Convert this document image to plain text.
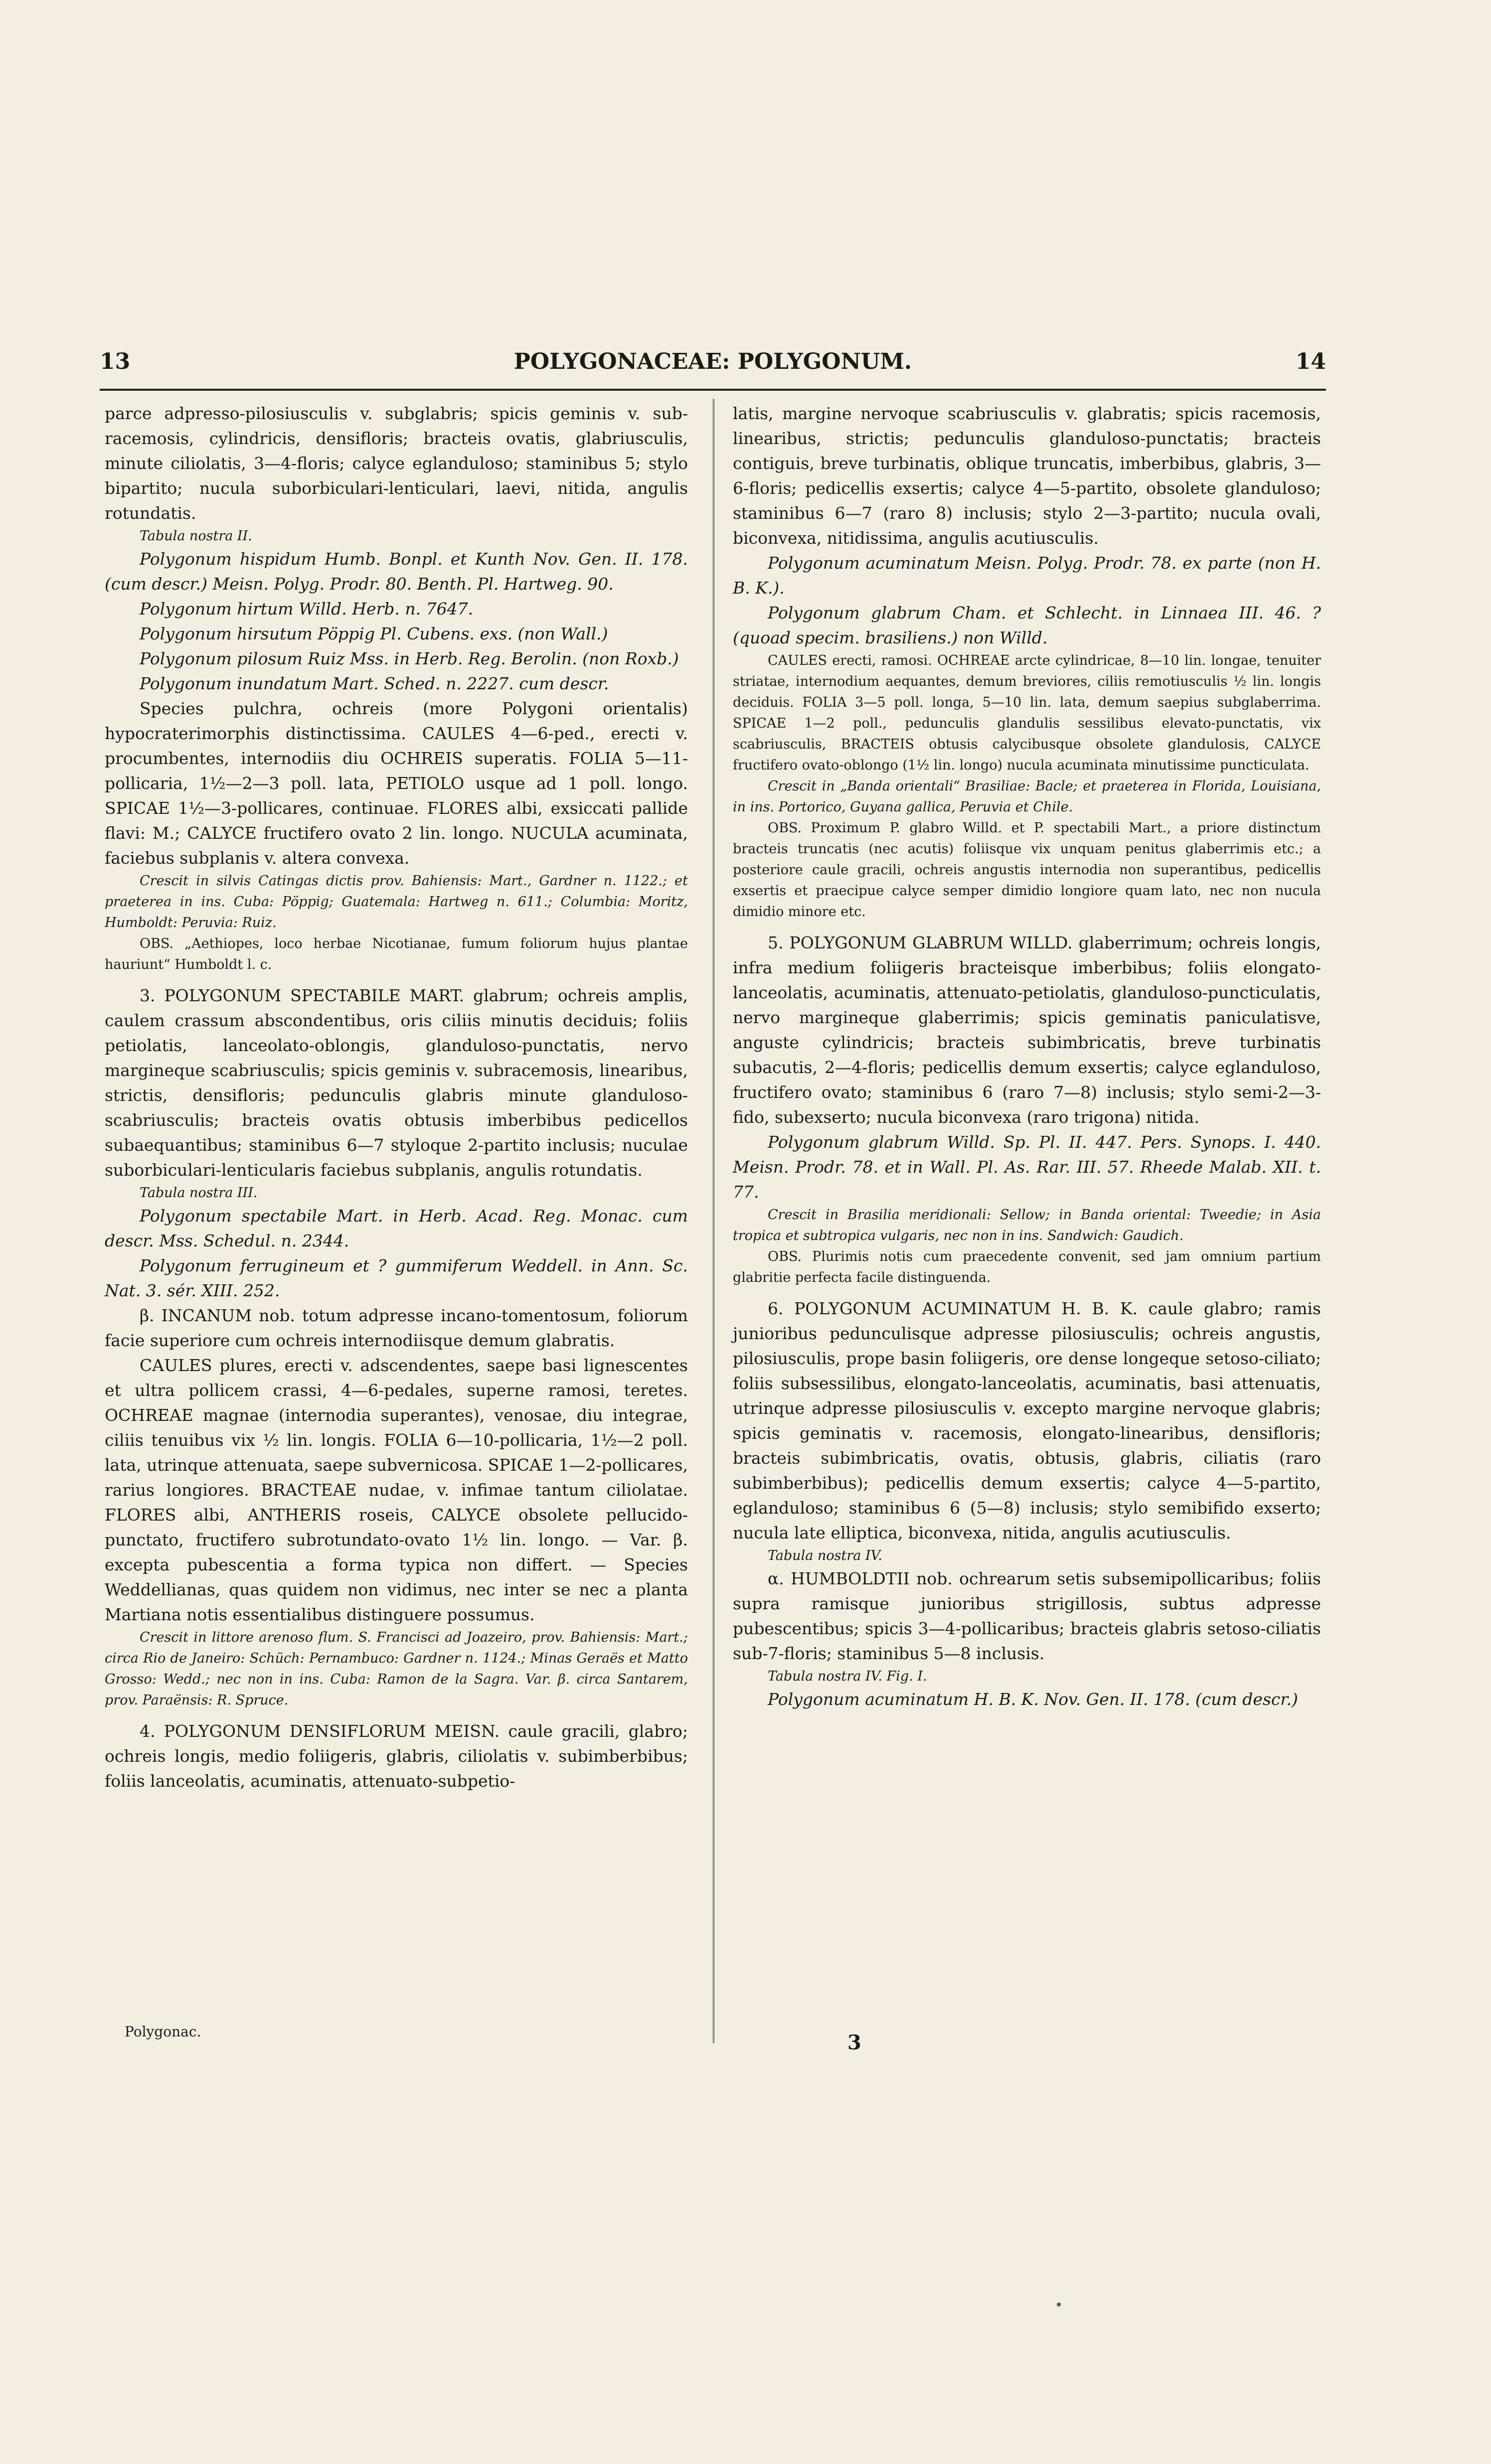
13	POLYGONACEAE: POLYGONUM.	14

parce adpresso-pilosiusculis v. subglabris; spicis geminis v. sub-racemosis, cylindricis, densifloris; bracteis ovatis, glabriusculis, minute ciliolatis, 3—4-floris; calyce eglanduloso; staminibus 5; stylo bipartito; nucula suborbiculari-lenticulari, laevi, nitida, angulis rotundatis.

Tabula nostra II.

Polygonum hispidum Humb. Bonpl. et Kunth Nov. Gen. II. 178. (cum descr.) Meisn. Polyg. Prodr. 80. Benth. Pl. Hartweg. 90.

Polygonum hirtum Willd. Herb. n. 7647.

Polygonum hirsutum Pöppig Pl. Cubens. exs. (non Wall.)

Polygonum pilosum Ruiz Mss. in Herb. Reg. Berolin. (non Roxb.)

Polygonum inundatum Mart. Sched. n. 2227. cum descr.

Species pulchra, ochreis (more Polygoni orientalis) hypocraterimorphis distinctissima. CAULES 4—6-ped., erecti v. procumbentes, internodiis diu OCHREIS superatis. FOLIA 5—11-pollicaria, 1½—2—3 poll. lata, PETIOLO usque ad 1 poll. longo. SPICAE 1½—3-pollicares, continuae. FLORES albi, exsiccati pallide flavi: M.; CALYCE fructifero ovato 2 lin. longo. NUCULA acuminata, faciebus subplanis v. altera convexa.

Crescit in silvis Catingas dictis prov. Bahiensis: Mart., Gardner n. 1122.; et praeterea in ins. Cuba: Pöppig; Guatemala: Hartweg n. 611.; Columbia: Moritz, Humboldt: Peruvia: Ruiz.

OBS. „Aethiopes, loco herbae Nicotianae, fumum foliorum hujus plantae hauriunt“ Humboldt l. c.

3. POLYGONUM SPECTABILE MART. glabrum; ochreis amplis, caulem crassum abscondentibus, oris ciliis minutis deciduis; foliis petiolatis, lanceolato-oblongis, glanduloso-punctatis, nervo margineque scabriusculis; spicis geminis v. subracemosis, linearibus, strictis, densifloris; pedunculis glabris minute glanduloso-scabriusculis; bracteis ovatis obtusis imberbibus pedicellos subaequantibus; staminibus 6—7 styloque 2-partito inclusis; nuculae suborbiculari-lenticularis faciebus subplanis, angulis rotundatis.

Tabula nostra III.

Polygonum spectabile Mart. in Herb. Acad. Reg. Monac. cum descr. Mss. Schedul. n. 2344.

Polygonum ferrugineum et ? gummiferum Weddell. in Ann. Sc. Nat. 3. sér. XIII. 252.

β. INCANUM nob. totum adpresse incano-tomentosum, foliorum facie superiore cum ochreis internodiisque demum glabratis.

CAULES plures, erecti v. adscendentes, saepe basi lignescentes et ultra pollicem crassi, 4—6-pedales, superne ramosi, teretes. OCHREAE magnae (internodia superantes), venosae, diu integrae, ciliis tenuibus vix ½ lin. longis. FOLIA 6—10-pollicaria, 1½—2 poll. lata, utrinque attenuata, saepe subvernicosa. SPICAE 1—2-pollicares, rarius longiores. BRACTEAE nudae, v. infimae tantum ciliolatae. FLORES albi, ANTHERIS roseis, CALYCE obsolete pellucido-punctato, fructifero subrotundato-ovato 1½ lin. longo. — Var. β. excepta pubescentia a forma typica non differt. — Species Weddellianas, quas quidem non vidimus, nec inter se nec a planta Martiana notis essentialibus distinguere possumus.

Crescit in littore arenoso flum. S. Francisci ad Joazeiro, prov. Bahiensis: Mart.; circa Rio de Janeiro: Schüch: Pernambuco: Gardner n. 1124.; Minas Geraës et Matto Grosso: Wedd.; nec non in ins. Cuba: Ramon de la Sagra. Var. β. circa Santarem, prov. Paraënsis: R. Spruce.

4. POLYGONUM DENSIFLORUM MEISN. caule gracili, glabro; ochreis longis, medio foliigeris, glabris, ciliolatis v. subimberbibus; foliis lanceolatis, acuminatis, attenuato-subpetio-

latis, margine nervoque scabriusculis v. glabratis; spicis racemosis, linearibus, strictis; pedunculis glanduloso-punctatis; bracteis contiguis, breve turbinatis, oblique truncatis, imberbibus, glabris, 3—6-floris; pedicellis exsertis; calyce 4—5-partito, obsolete glanduloso; staminibus 6—7 (raro 8) inclusis; stylo 2—3-partito; nucula ovali, biconvexa, nitidissima, angulis acutiusculis.

Polygonum acuminatum Meisn. Polyg. Prodr. 78. ex parte (non H. B. K.).

Polygonum glabrum Cham. et Schlecht. in Linnaea III. 46. ? (quoad specim. brasiliens.) non Willd.

CAULES erecti, ramosi. OCHREAE arcte cylindricae, 8—10 lin. longae, tenuiter striatae, internodium aequantes, demum breviores, ciliis remotiusculis ½ lin. longis deciduis. FOLIA 3—5 poll. longa, 5—10 lin. lata, demum saepius subglaberrima. SPICAE 1—2 poll., pedunculis glandulis sessilibus elevato-punctatis, vix scabriusculis, BRACTEIS obtusis calycibusque obsolete glandulosis, CALYCE fructifero ovato-oblongo (1½ lin. longo) nucula acuminata minutissime puncticulata.

Crescit in „Banda orientali“ Brasiliae: Bacle; et praeterea in Florida, Louisiana, in ins. Portorico, Guyana gallica, Peruvia et Chile.

OBS. Proximum P. glabro Willd. et P. spectabili Mart., a priore distinctum bracteis truncatis (nec acutis) foliisque vix unquam penitus glaberrimis etc.; a posteriore caule gracili, ochreis angustis internodia non superantibus, pedicellis exsertis et praecipue calyce semper dimidio longiore quam lato, nec non nucula dimidio minore etc.

5. POLYGONUM GLABRUM WILLD. glaberrimum; ochreis longis, infra medium foliigeris bracteisque imberbibus; foliis elongato-lanceolatis, acuminatis, attenuato-petiolatis, glanduloso-puncticulatis, nervo margineque glaberrimis; spicis geminatis paniculatisve, anguste cylindricis; bracteis subimbricatis, breve turbinatis subacutis, 2—4-floris; pedicellis demum exsertis; calyce eglanduloso, fructifero ovato; staminibus 6 (raro 7—8) inclusis; stylo semi-2—3-fido, subexserto; nucula biconvexa (raro trigona) nitida.

Polygonum glabrum Willd. Sp. Pl. II. 447. Pers. Synops. I. 440. Meisn. Prodr. 78. et in Wall. Pl. As. Rar. III. 57. Rheede Malab. XII. t. 77.

Crescit in Brasilia meridionali: Sellow; in Banda oriental: Tweedie; in Asia tropica et subtropica vulgaris, nec non in ins. Sandwich: Gaudich.

OBS. Plurimis notis cum praecedente convenit, sed jam omnium partium glabritie perfecta facile distinguenda.

6. POLYGONUM ACUMINATUM H. B. K. caule glabro; ramis junioribus pedunculisque adpresse pilosiusculis; ochreis angustis, pilosiusculis, prope basin foliigeris, ore dense longeque setoso-ciliato; foliis subsessilibus, elongato-lanceolatis, acuminatis, basi attenuatis, utrinque adpresse pilosiusculis v. excepto margine nervoque glabris; spicis geminatis v. racemosis, elongato-linearibus, densifloris; bracteis subimbricatis, ovatis, obtusis, glabris, ciliatis (raro subimberbibus); pedicellis demum exsertis; calyce 4—5-partito, eglanduloso; staminibus 6 (5—8) inclusis; stylo semibifido exserto; nucula late elliptica, biconvexa, nitida, angulis acutiusculis.

Tabula nostra IV.

α. HUMBOLDTII nob. ochrearum setis subsemipollicaribus; foliis supra ramisque junioribus strigillosis, subtus adpresse pubescentibus; spicis 3—4-pollicaribus; bracteis glabris setoso-ciliatis sub-7-floris; staminibus 5—8 inclusis.

Tabula nostra IV. Fig. I.

Polygonum acuminatum H. B. K. Nov. Gen. II. 178. (cum descr.)

Polygonac.	3
